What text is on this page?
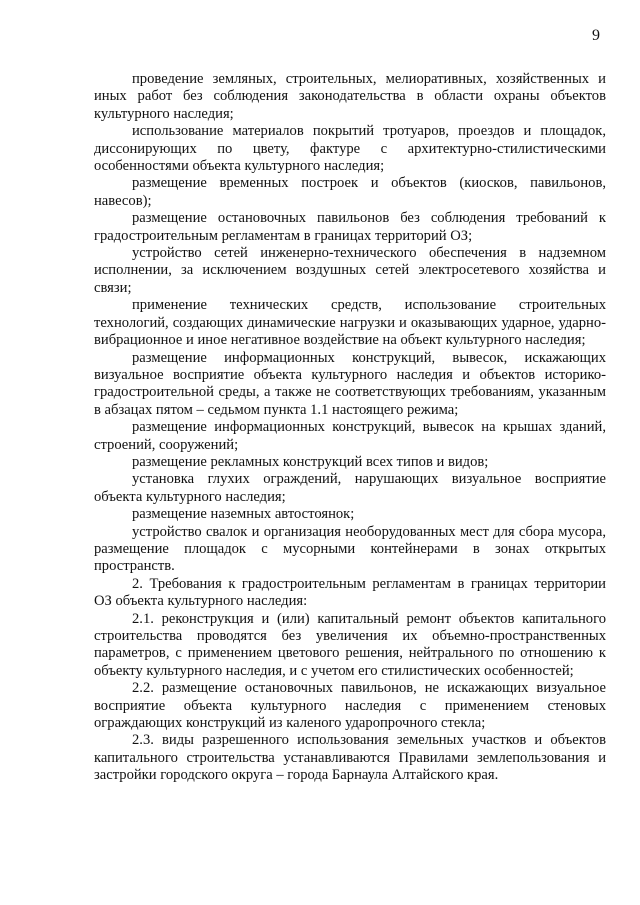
9

проведение земляных, строительных, мелиоративных, хозяйственных и иных работ без соблюдения законодательства в области охраны объектов культурного наследия;

использование материалов покрытий тротуаров, проездов и площадок, диссонирующих по цвету, фактуре с архитектурно-стилистическими особенностями объекта культурного наследия;

размещение временных построек и объектов (киосков, павильонов, навесов);

размещение остановочных павильонов без соблюдения требований к градостроительным регламентам в границах территорий ОЗ;

устройство сетей инженерно-технического обеспечения в надземном исполнении, за исключением воздушных сетей электросетевого хозяйства и связи;

применение технических средств, использование строительных технологий, создающих динамические нагрузки и оказывающих ударное, ударно-вибрационное и иное негативное воздействие на объект культурного наследия;

размещение информационных конструкций, вывесок, искажающих визуальное восприятие объекта культурного наследия и объектов историко-градостроительной среды, а также не соответствующих требованиям, указанным в абзацах пятом – седьмом пункта 1.1 настоящего режима;

размещение информационных конструкций, вывесок на крышах зданий, строений, сооружений;

размещение рекламных конструкций всех типов и видов;

установка глухих ограждений, нарушающих визуальное восприятие объекта культурного наследия;

размещение наземных автостоянок;

устройство свалок и организация необорудованных мест для сбора мусора, размещение площадок с мусорными контейнерами в зонах открытых пространств.

2. Требования к градостроительным регламентам в границах территории ОЗ объекта культурного наследия:

2.1. реконструкция и (или) капитальный ремонт объектов капитального строительства проводятся без увеличения их объемно-пространственных параметров, с применением цветового решения, нейтрального по отношению к объекту культурного наследия, и с учетом его стилистических особенностей;

2.2. размещение остановочных павильонов, не искажающих визуальное восприятие объекта культурного наследия с применением стеновых ограждающих конструкций из каленого ударопрочного стекла;

2.3. виды разрешенного использования земельных участков и объектов капитального строительства устанавливаются Правилами землепользования и застройки городского округа – города Барнаула Алтайского края.
